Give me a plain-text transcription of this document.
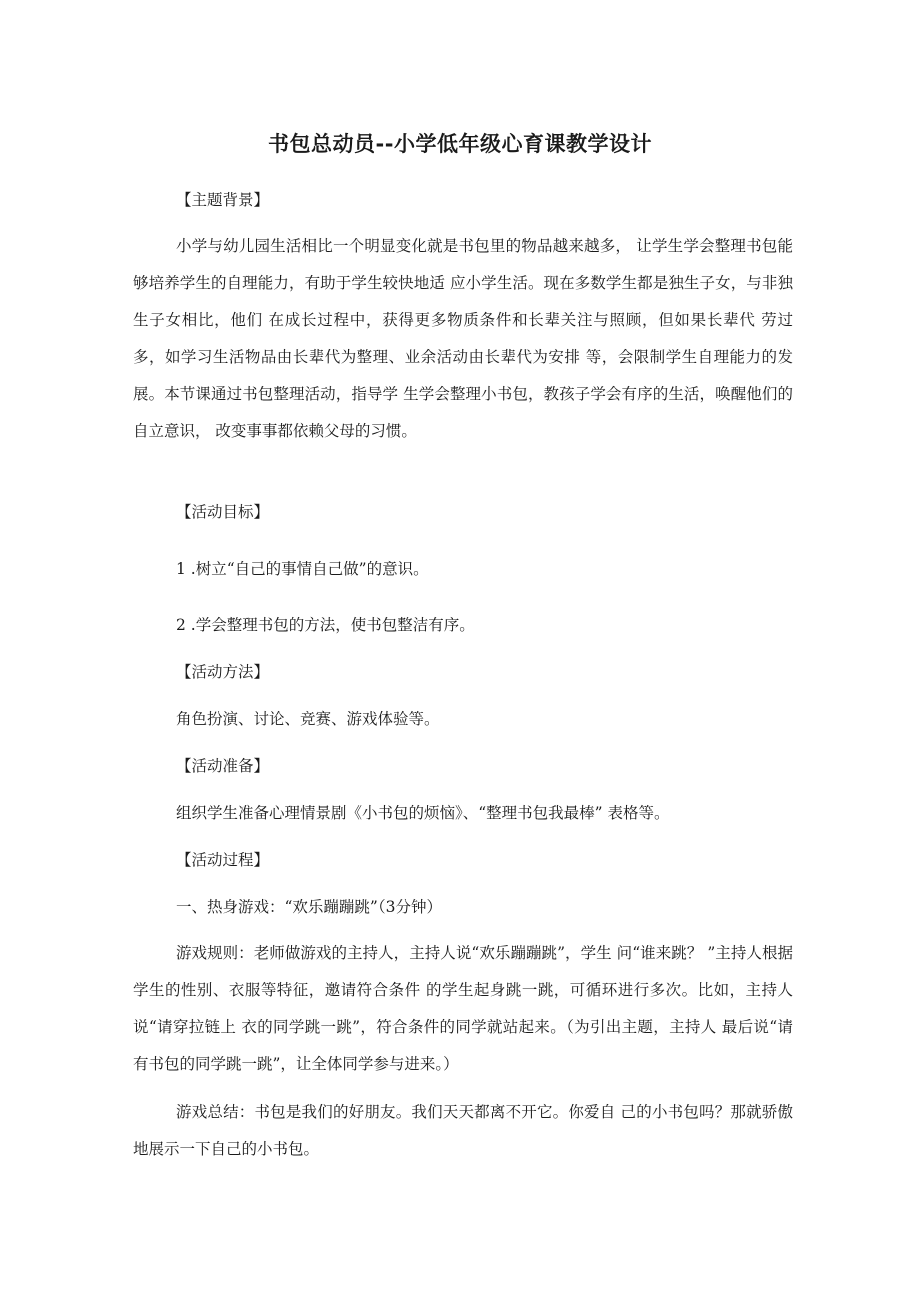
书包总动员--小学低年级心育课教学设计
【主题背景】
小学与幼儿园生活相比一个明显变化就是书包里的物品越来越多， 让学生学会整理书包能够培养学生的自理能力，有助于学生较快地适 应小学生活。现在多数学生都是独生子女，与非独生子女相比，他们 在成长过程中，获得更多物质条件和长辈关注与照顾，但如果长辈代 劳过多，如学习生活物品由长辈代为整理、业余活动由长辈代为安排 等，会限制学生自理能力的发展。本节课通过书包整理活动，指导学 生学会整理小书包，教孩子学会有序的生活，唤醒他们的自立意识， 改变事事都依赖父母的习惯。
【活动目标】
1 .树立“自己的事情自己做”的意识。
2 .学会整理书包的方法，使书包整洁有序。
【活动方法】
角色扮演、讨论、竞赛、游戏体验等。
【活动准备】
组织学生准备心理情景剧《小书包的烦恼》、“整理书包我最棒” 表格等。
【活动过程】
一、热身游戏：“欢乐蹦蹦跳”（3分钟）
游戏规则：老师做游戏的主持人，主持人说“欢乐蹦蹦跳”，学生 问“谁来跳？ ”主持人根据学生的性别、衣服等特征，邀请符合条件 的学生起身跳一跳，可循环进行多次。比如，主持人说“请穿拉链上 衣的同学跳一跳”，符合条件的同学就站起来。（为引出主题，主持人 最后说“请有书包的同学跳一跳”，让全体同学参与进来。）
游戏总结：书包是我们的好朋友。我们天天都离不开它。你爱自 己的小书包吗？那就骄傲地展示一下自己的小书包。
